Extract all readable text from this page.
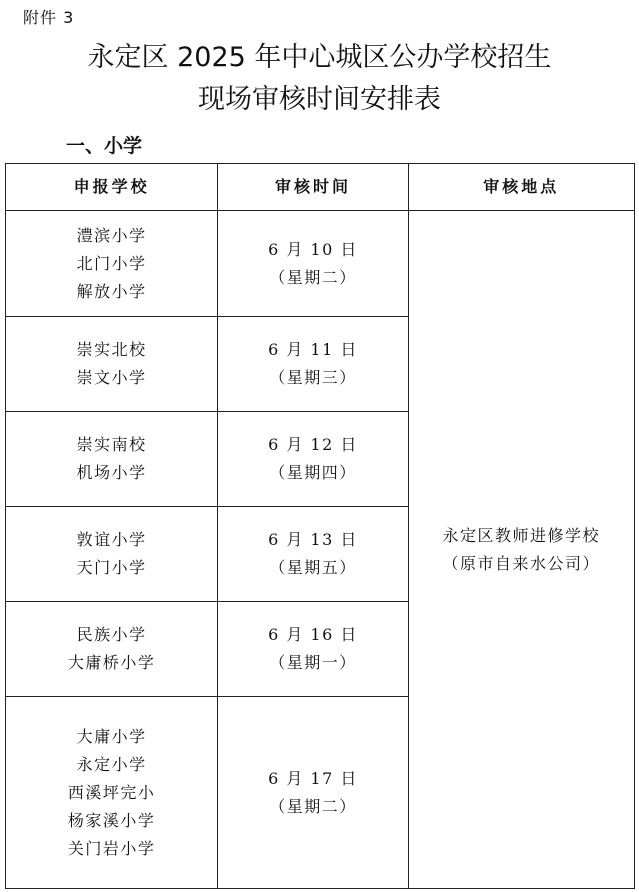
附件 3
永定区 2025 年中心城区公办学校招生
现场审核时间安排表
一、小学
申报学校	审核时间	审核地点

澧滨小学
北门小学
解放小学	6 月 10 日
（星期二）	永定区教师进修学校
（原市自来水公司）

崇实北校
崇文小学	6 月 11 日
（星期三）	

崇实南校
机场小学	6 月 12 日
（星期四）	

敦谊小学
天门小学	6 月 13 日
（星期五）	

民族小学
大庸桥小学	6 月 16 日
（星期一）	

大庸小学
永定小学
西溪坪完小
杨家溪小学
关门岩小学	6 月 17 日
（星期二）	
